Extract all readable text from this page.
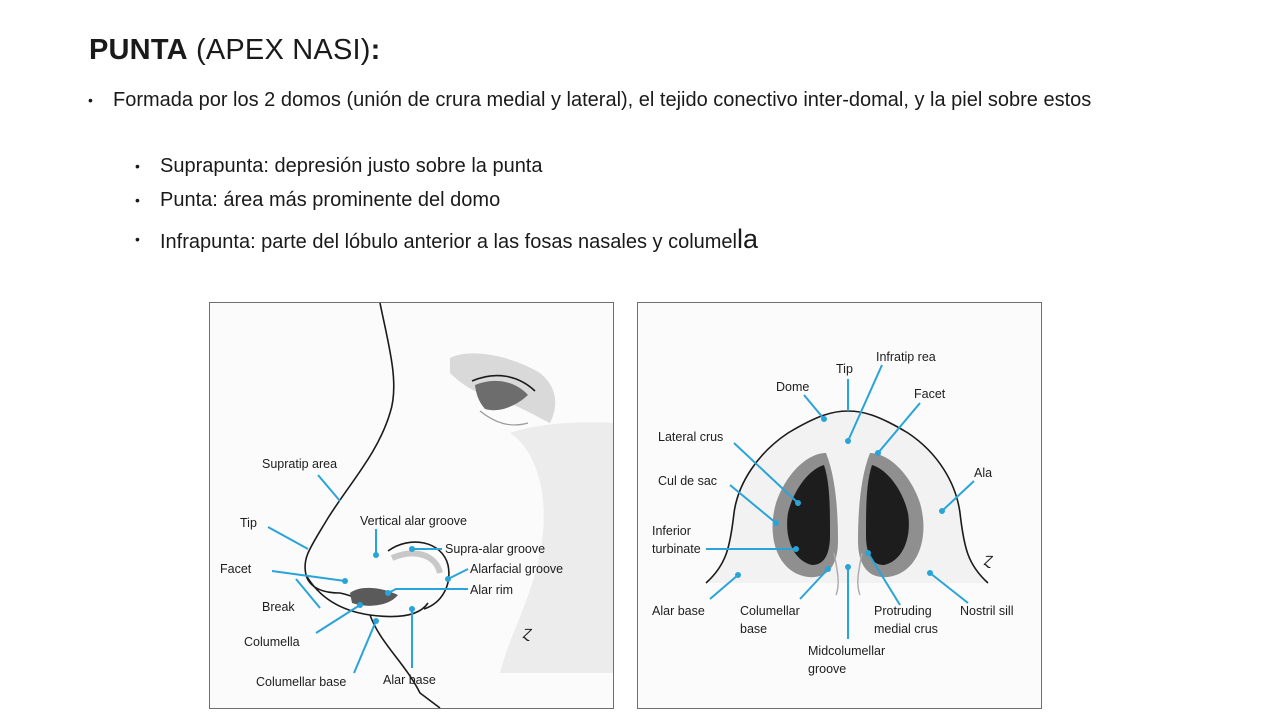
PUNTA (APEX NASI):
• Formada por los 2 domos (unión de crura medial y lateral), el tejido conectivo inter-domal, y la piel sobre estos
• Suprapunta: depresión justo sobre la punta
• Punta: área más prominente del domo
• Infrapunta: parte del lóbulo anterior a las fosas nasales y columella
Ɀ
Supratip area
Tip
Facet
Break
Columella
Columellar base
Vertical alar groove
Supra-alar groove
Alarfacial groove
Alar rim
Alar base
Ɀ
Tip
Infratip rea
Dome	Facet
Lateral crus
Cul de sac
Inferior
turbinate
Ala
Alar base	Columellar
base
Midcolumellar
groove
Protruding
medial crus
Nostril sill
